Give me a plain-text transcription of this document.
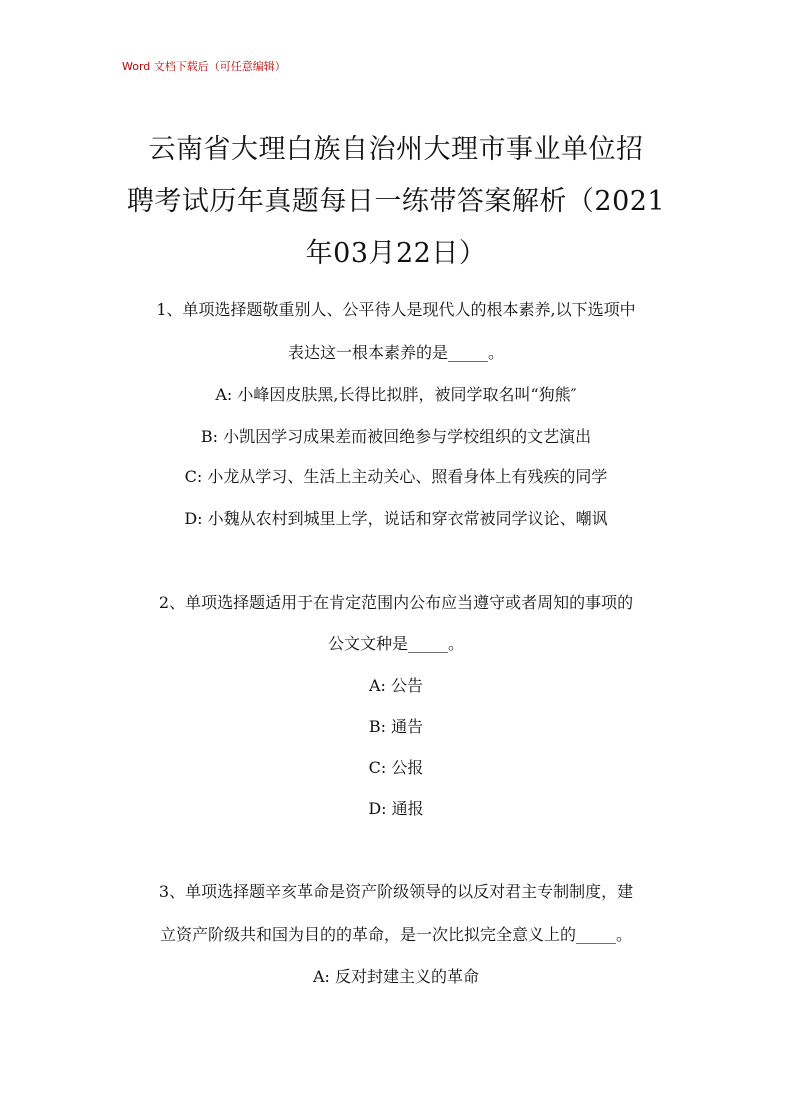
Word 文档下载后（可任意编辑）
云南省大理白族自治州大理市事业单位招
聘考试历年真题每日一练带答案解析（2021
年03月22日）
1、单项选择题敬重别人、公平待人是现代人的根本素养,以下选项中
表达这一根本素养的是_____。
A: 小峰因皮肤黑,长得比拟胖，被同学取名叫“狗熊″
B: 小凯因学习成果差而被回绝参与学校组织的文艺演出
C: 小龙从学习、生活上主动关心、照看身体上有残疾的同学
D: 小魏从农村到城里上学，说话和穿衣常被同学议论、嘲讽
2、单项选择题适用于在肯定范围内公布应当遵守或者周知的事项的
公文文种是_____。
A: 公告
B: 通告
C: 公报
D: 通报
3、单项选择题辛亥革命是资产阶级领导的以反对君主专制制度，建
立资产阶级共和国为目的的革命，是一次比拟完全意义上的_____。
A: 反对封建主义的革命
